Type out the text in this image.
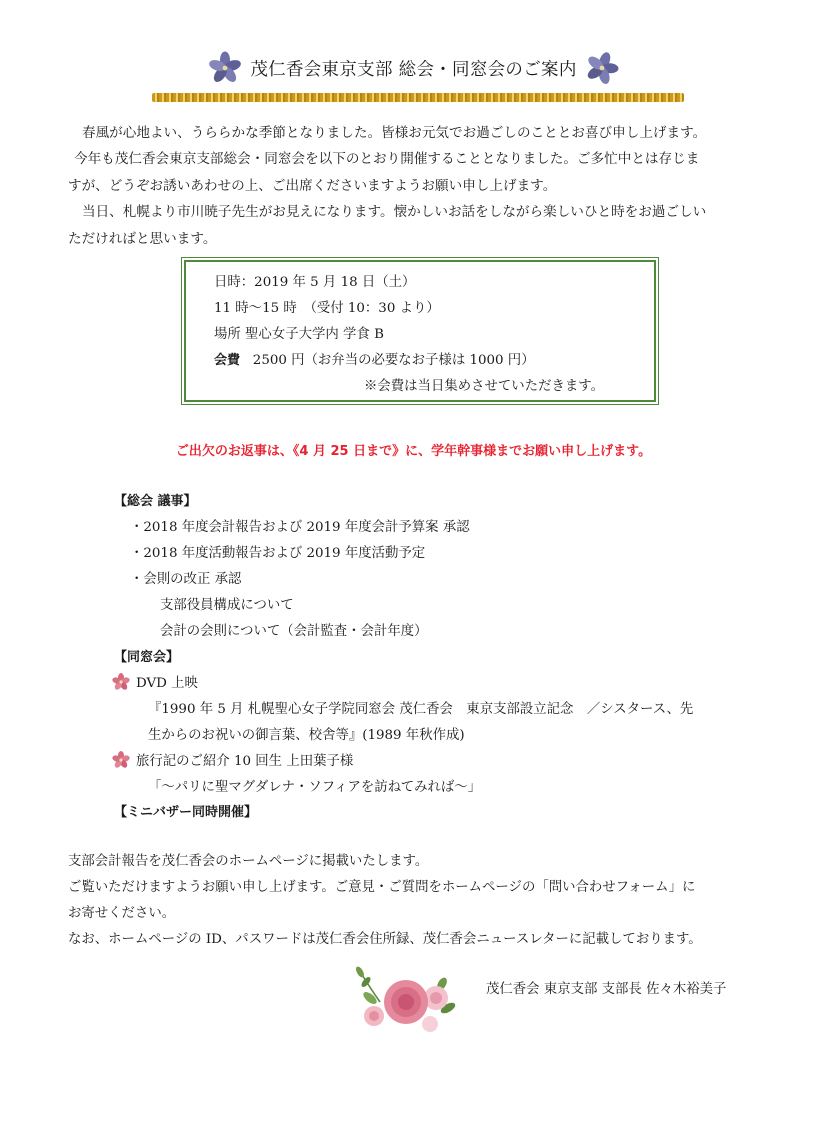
茂仁香会東京支部 総会・同窓会のご案内

春風が心地よい、うららかな季節となりました。皆様お元気でお過ごしのこととお喜び申し上げます。

今年も茂仁香会東京支部総会・同窓会を以下のとおり開催することとなりました。ご多忙中とは存じま
すが、どうぞお誘いあわせの上、ご出席くださいますようお願い申し上げます。

当日、札幌より市川暁子先生がお見えになります。懐かしいお話をしながら楽しいひと時をお過ごしい
ただければと思います。

日時：2019 年 5 月 18 日（土）
11 時～15 時　（受付 10：30 より）
場所 聖心女子大学内 学食 B
会費 2500 円（お弁当の必要なお子様は 1000 円）
※会費は当日集めさせていただきます。
ご出欠のお返事は、《4 月 25 日まで》に、学年幹事様までお願い申し上げます。
【総会 議事】
・2018 年度会計報告および 2019 年度会計予算案 承認
・2018 年度活動報告および 2019 年度活動予定
・会則の改正 承認
支部役員構成について
会計の会則について（会計監査・会計年度）
【同窓会】
DVD 上映
『1990 年 5 月 札幌聖心女子学院同窓会 茂仁香会　東京支部設立記念　／シスタース、先
生からのお祝いの御言葉、校舎等』(1989 年秋作成)
旅行記のご紹介 10 回生 上田葉子様
「～パリに聖マグダレナ・ソフィアを訪ねてみれば～」
【ミニバザー同時開催】
支部会計報告を茂仁香会のホームページに掲載いたします。
ご覧いただけますようお願い申し上げます。ご意見・ご質問をホームページの「問い合わせフォーム」に
お寄せください。
なお、ホームページの ID、パスワードは茂仁香会住所録、茂仁香会ニュースレターに記載しております。
茂仁香会 東京支部 支部長 佐々木裕美子
